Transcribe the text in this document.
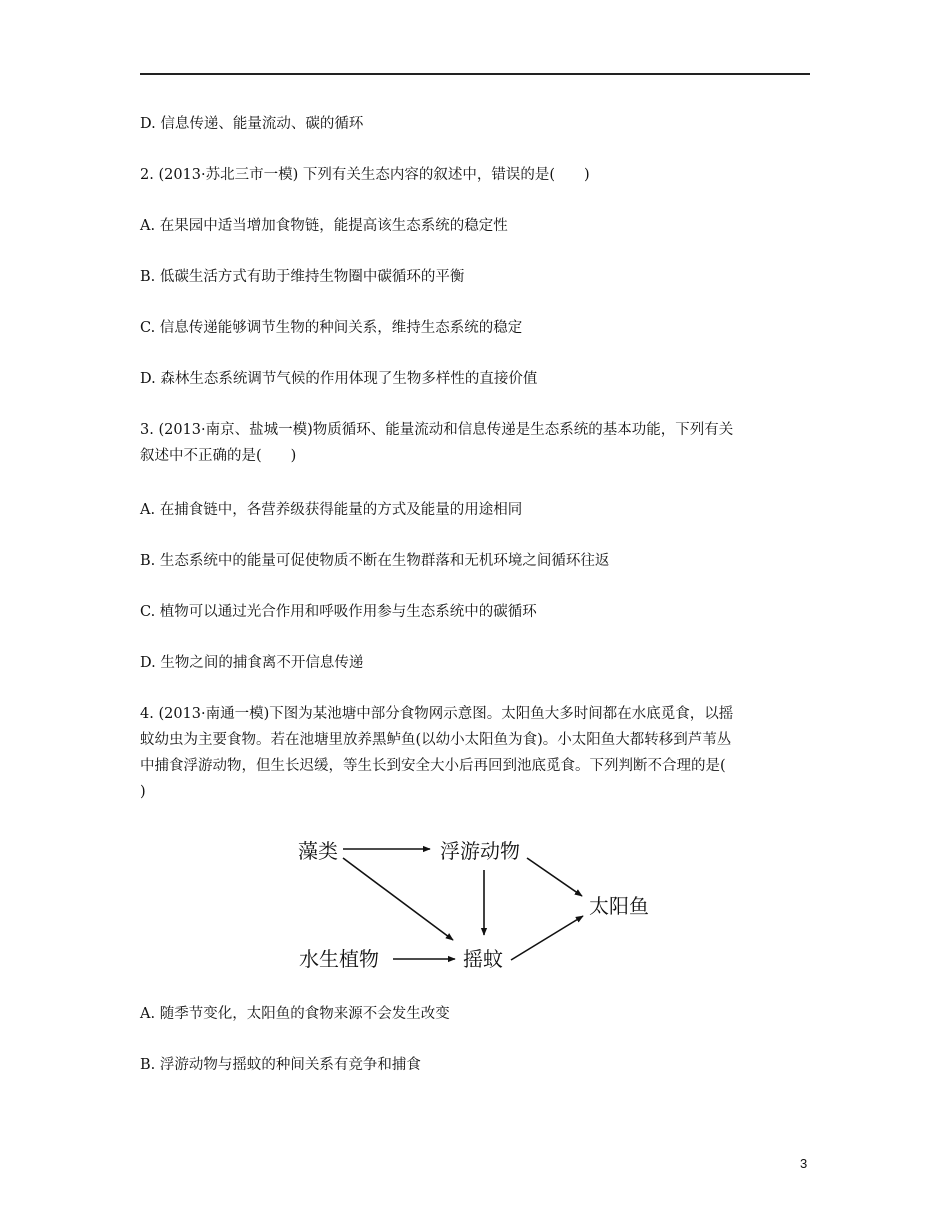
D. 信息传递、能量流动、碳的循环
2. (2013·苏北三市一模) 下列有关生态内容的叙述中，错误的是(　　)
A. 在果园中适当增加食物链，能提高该生态系统的稳定性
B. 低碳生活方式有助于维持生物圈中碳循环的平衡
C. 信息传递能够调节生物的种间关系，维持生态系统的稳定
D. 森林生态系统调节气候的作用体现了生物多样性的直接价值
3. (2013·南京、盐城一模)物质循环、能量流动和信息传递是生态系统的基本功能，下列有关
叙述中不正确的是(　　)
A. 在捕食链中，各营养级获得能量的方式及能量的用途相同
B. 生态系统中的能量可促使物质不断在生物群落和无机环境之间循环往返
C. 植物可以通过光合作用和呼吸作用参与生态系统中的碳循环
D. 生物之间的捕食离不开信息传递
4. (2013·南通一模)下图为某池塘中部分食物网示意图。太阳鱼大多时间都在水底觅食，以摇
蚊幼虫为主要食物。若在池塘里放养黑鲈鱼(以幼小太阳鱼为食)。小太阳鱼大都转移到芦苇丛
中捕食浮游动物，但生长迟缓，等生长到安全大小后再回到池底觅食。下列判断不合理的是(
)
藻类	浮游动物
太阳鱼
水生植物	摇蚊
A. 随季节变化，太阳鱼的食物来源不会发生改变
B. 浮游动物与摇蚊的种间关系有竞争和捕食
3
